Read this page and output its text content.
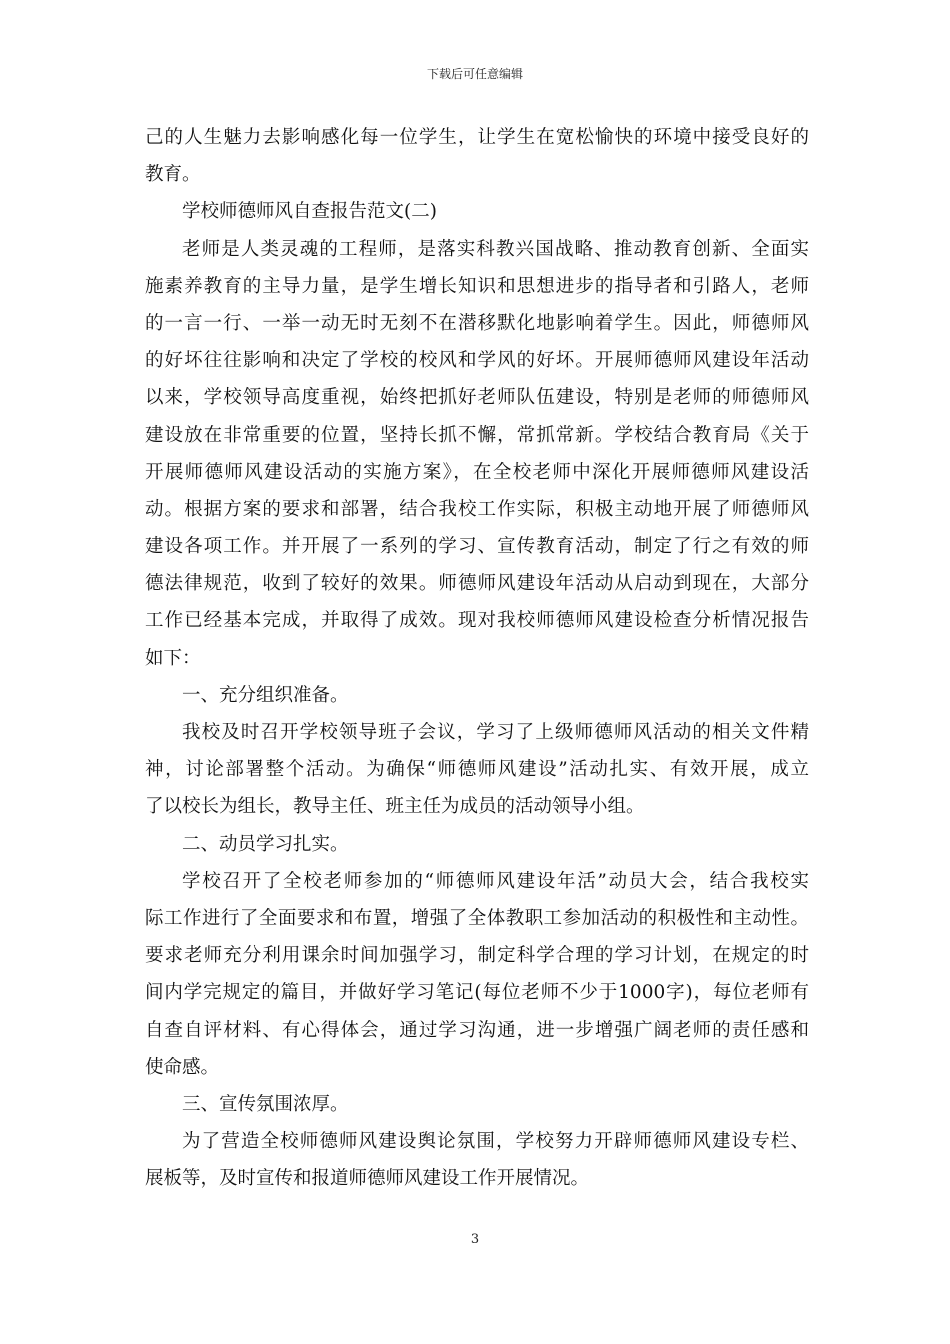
下载后可任意编辑
己的人生魅力去影响感化每一位学生，让学生在宽松愉快的环境中接受良好的
教育。
学校师德师风自查报告范文(二)
老师是人类灵魂的工程师，是落实科教兴国战略、推动教育创新、全面实
施素养教育的主导力量，是学生增长知识和思想进步的指导者和引路人，老师
的一言一行、一举一动无时无刻不在潜移默化地影响着学生。因此，师德师风
的好坏往往影响和决定了学校的校风和学风的好坏。开展师德师风建设年活动
以来，学校领导高度重视，始终把抓好老师队伍建设，特别是老师的师德师风
建设放在非常重要的位置，坚持长抓不懈，常抓常新。学校结合教育局《关于
开展师德师风建设活动的实施方案》，在全校老师中深化开展师德师风建设活
动。根据方案的要求和部署，结合我校工作实际，积极主动地开展了师德师风
建设各项工作。并开展了一系列的学习、宣传教育活动，制定了行之有效的师
德法律规范，收到了较好的效果。师德师风建设年活动从启动到现在，大部分
工作已经基本完成，并取得了成效。现对我校师德师风建设检查分析情况报告
如下：
一、充分组织准备。
我校及时召开学校领导班子会议，学习了上级师德师风活动的相关文件精
神，讨论部署整个活动。为确保“师德师风建设”活动扎实、有效开展，成立
了以校长为组长，教导主任、班主任为成员的活动领导小组。
二、动员学习扎实。
学校召开了全校老师参加的“师德师风建设年活”动员大会，结合我校实
际工作进行了全面要求和布置，增强了全体教职工参加活动的积极性和主动性。
要求老师充分利用课余时间加强学习，制定科学合理的学习计划，在规定的时
间内学完规定的篇目，并做好学习笔记(每位老师不少于1000字)，每位老师有
自查自评材料、有心得体会，通过学习沟通，进一步增强广阔老师的责任感和
使命感。
三、宣传氛围浓厚。
为了营造全校师德师风建设舆论氛围，学校努力开辟师德师风建设专栏、
展板等，及时宣传和报道师德师风建设工作开展情况。
3
